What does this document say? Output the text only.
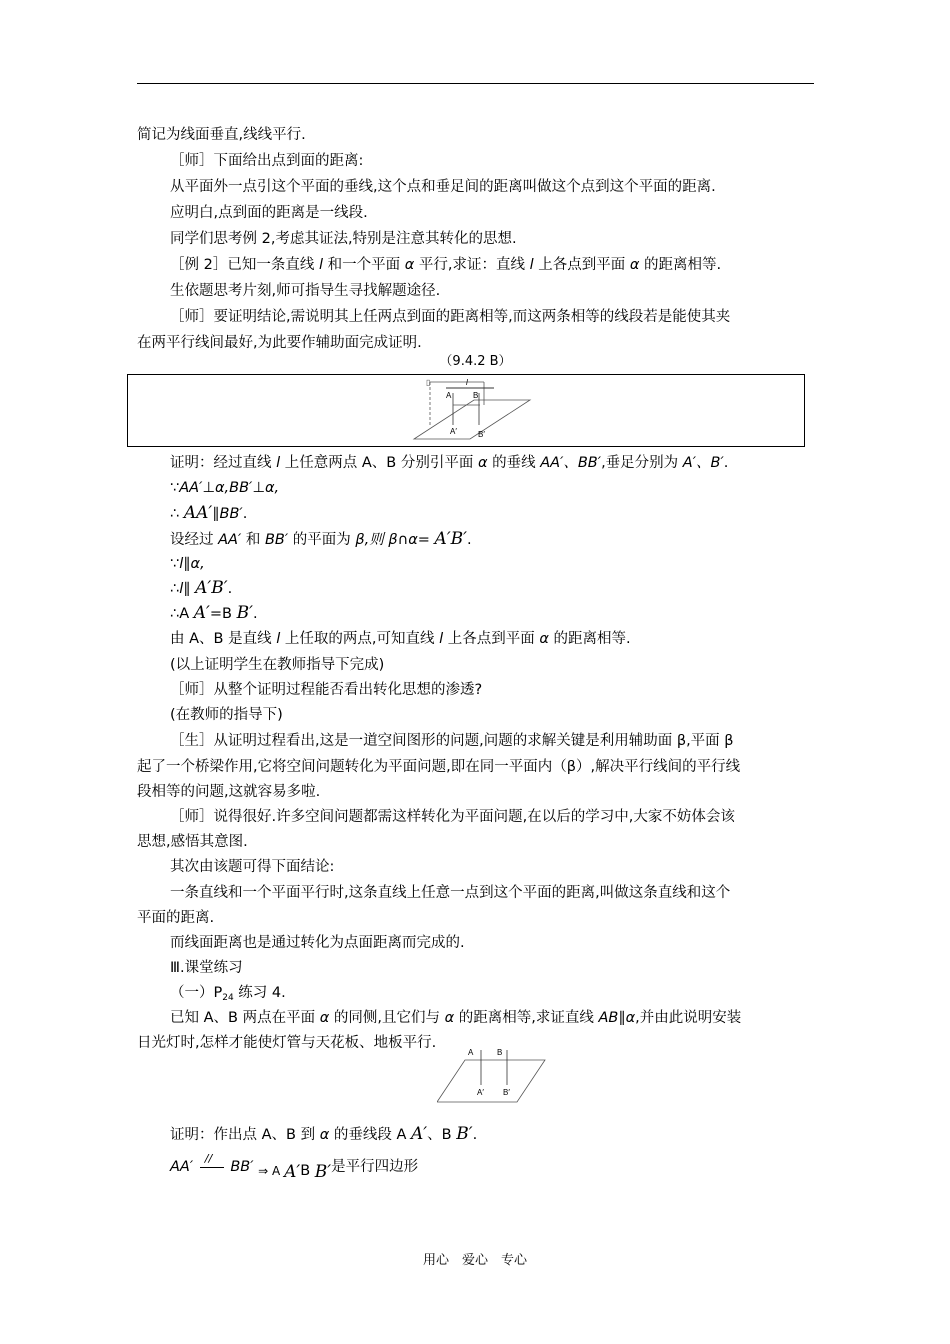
简记为线面垂直,线线平行.
［师］下面给出点到面的距离:
从平面外一点引这个平面的垂线,这个点和垂足间的距离叫做这个点到这个平面的距离.
应明白,点到面的距离是一线段.
同学们思考例 2,考虑其证法,特别是注意其转化的思想.
［例 2］已知一条直线 l 和一个平面 α 平行,求证：直线 l 上各点到平面 α 的距离相等.
生依题思考片刻,师可指导生寻找解题途径.
［师］要证明结论,需说明其上任两点到面的距离相等,而这两条相等的线段若是能使其夹
在两平行线间最好,为此要作辅助面完成证明.
（9.4.2 B）
▯	l
A	B
A′	B′
证明：经过直线 l 上任意两点 A、B 分别引平面 α 的垂线 AA′、BB′,垂足分别为 A′、B′.
∵AA′⊥α,BB′⊥α,
∴ AA′∥BB′.
设经过 AA′ 和 BB′ 的平面为 β,则 β∩α= A′B′.
∵l∥α,
∴l∥ A′B′.
∴A A′=B B′.
由 A、B 是直线 l 上任取的两点,可知直线 l 上各点到平面 α 的距离相等.
(以上证明学生在教师指导下完成)
［师］从整个证明过程能否看出转化思想的渗透?
(在教师的指导下)
［生］从证明过程看出,这是一道空间图形的问题,问题的求解关键是利用辅助面 β,平面 β
起了一个桥梁作用,它将空间问题转化为平面问题,即在同一平面内（β）,解决平行线间的平行线
段相等的问题,这就容易多啦.
［师］说得很好.许多空间问题都需这样转化为平面问题,在以后的学习中,大家不妨体会该
思想,感悟其意图.
其次由该题可得下面结论:
一条直线和一个平面平行时,这条直线上任意一点到这个平面的距离,叫做这条直线和这个
平面的距离.
而线面距离也是通过转化为点面距离而完成的.
Ⅲ.课堂练习
（一）$P_{24}$ 练习 4.
已知 A、B 两点在平面 α 的同侧,且它们与 α 的距离相等,求证直线 AB∥α,并由此说明安装
日光灯时,怎样才能使灯管与天花板、地板平行.
A	B
A′ B′
证明：作出点 A、B 到 α 的垂线段 A A′、B B′.
AA′
//
BB′ $_{\Rightarrow A}$ A′B B′是平行四边形
用心　爱心　专心
